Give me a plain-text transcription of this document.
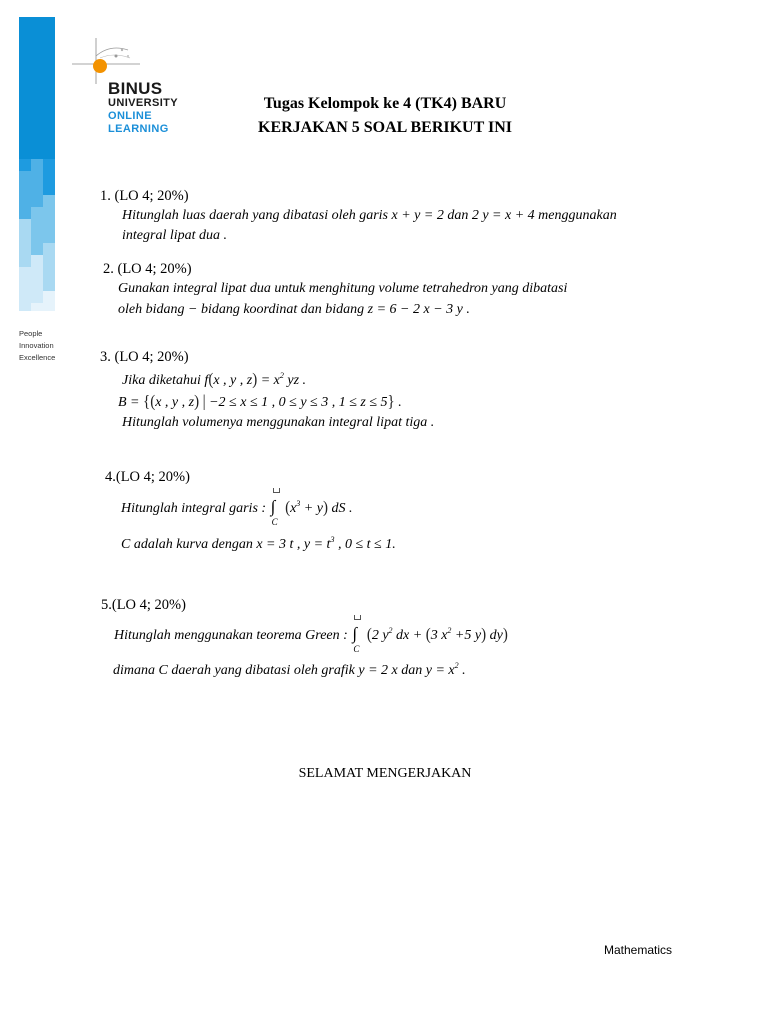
People
Innovation
Excellence
BINUS
UNIVERSITY
ONLINE
LEARNING
Tugas Kelompok ke 4 (TK4) BARU
KERJAKAN 5 SOAL BERIKUT INI
1. (LO 4; 20%)
Hitunglah luas daerah yang dibatasi oleh garis x + y = 2 dan 2 y = x + 4 menggunakan
integral lipat dua .
2. (LO 4; 20%)
Gunakan integral lipat dua untuk menghitung volume tetrahedron yang dibatasi
oleh bidang − bidang koordinat dan bidang z = 6 − 2 x − 3 y .
3. (LO 4; 20%)
Jika diketahui f(x , y , $z) = x^2$ yz .
B = {(x , y , z) | −2 ≤ x ≤ 1 , 0 ≤ y ≤ 3 , 1 ≤ z ≤ 5} .
Hitunglah volumenya menggunakan integral lipat tiga .
4.(LO 4; 20%)
Hitunglah integral garis : ∫
C
$(x^3 + y)$ dS .
C adalah kurva dengan x = 3 t , $y = t^3$ , 0 ≤ t ≤ 1.
5.(LO 4; 20%)
Hitunglah menggunakan teorema Green : ∫
C
(2 $y^2$ dx + (3 $x^2 +5$ y) dy)
dimana C daerah yang dibatasi oleh grafik y = 2 x dan $y = x^2$ .
SELAMAT MENGERJAKAN
Mathematics
